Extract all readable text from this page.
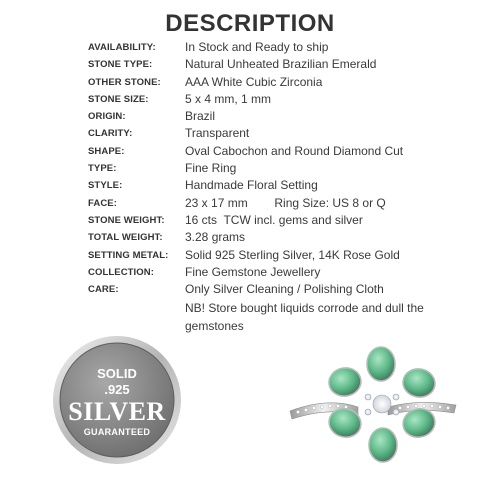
DESCRIPTION
AVAILABILITY: In Stock and Ready to ship
STONE TYPE:	Natural Unheated Brazilian Emerald
OTHER STONE: AAA White Cubic Zirconia
STONE SIZE:	5 x 4 mm, 1 mm
ORIGIN:	Brazil
CLARITY:	Transparent
SHAPE:	Oval Cabochon and Round Diamond Cut
TYPE:	Fine Ring
STYLE:	Handmade Floral Setting
FACE:	23 x 17 mm        Ring Size: US 8 or Q
STONE WEIGHT: 16 cts  TCW incl. gems and silver
TOTAL WEIGHT: 3.28 grams
SETTING METAL: Solid 925 Sterling Silver, 14K Rose Gold
COLLECTION:	Fine Gemstone Jewellery
CARE:	Only Silver Cleaning / Polishing Cloth
NB! Store bought liquids corrode and dull the gemstones
SOLID
.925
SILVER
GUARANTEED
